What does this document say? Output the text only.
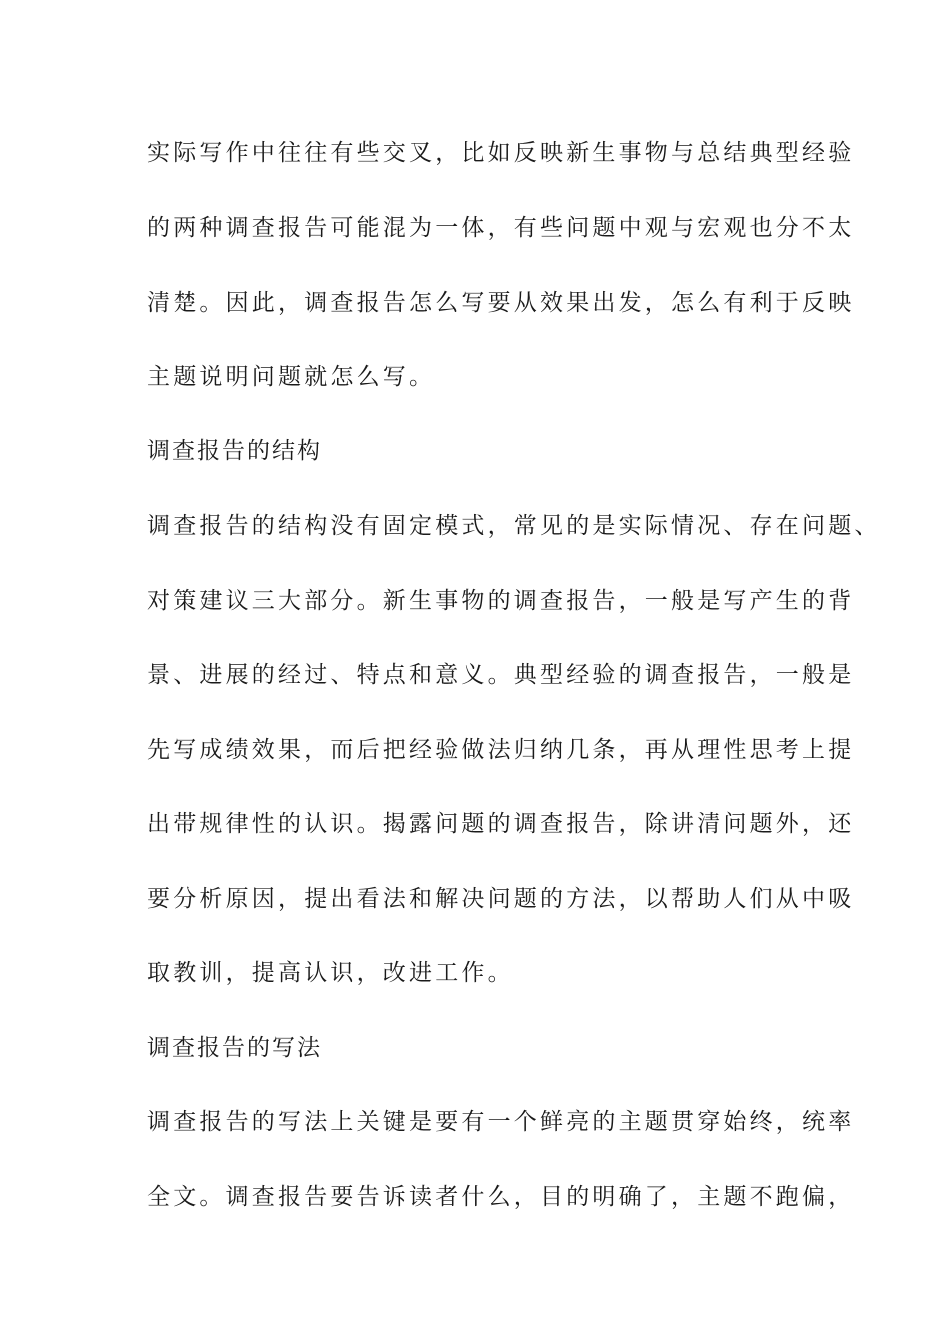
实际写作中往往有些交叉，比如反映新生事物与总结典型经验
的两种调查报告可能混为一体，有些问题中观与宏观也分不太
清楚。因此，调查报告怎么写要从效果出发，怎么有利于反映
主题说明问题就怎么写。
调查报告的结构
调查报告的结构没有固定模式，常见的是实际情况、存在问题、
对策建议三大部分。新生事物的调查报告，一般是写产生的背
景、进展的经过、特点和意义。典型经验的调查报告，一般是
先写成绩效果，而后把经验做法归纳几条，再从理性思考上提
出带规律性的认识。揭露问题的调查报告，除讲清问题外，还
要分析原因，提出看法和解决问题的方法，以帮助人们从中吸
取教训，提高认识，改进工作。
调查报告的写法
调查报告的写法上关键是要有一个鲜亮的主题贯穿始终，统率
全文。调查报告要告诉读者什么，目的明确了，主题不跑偏，
